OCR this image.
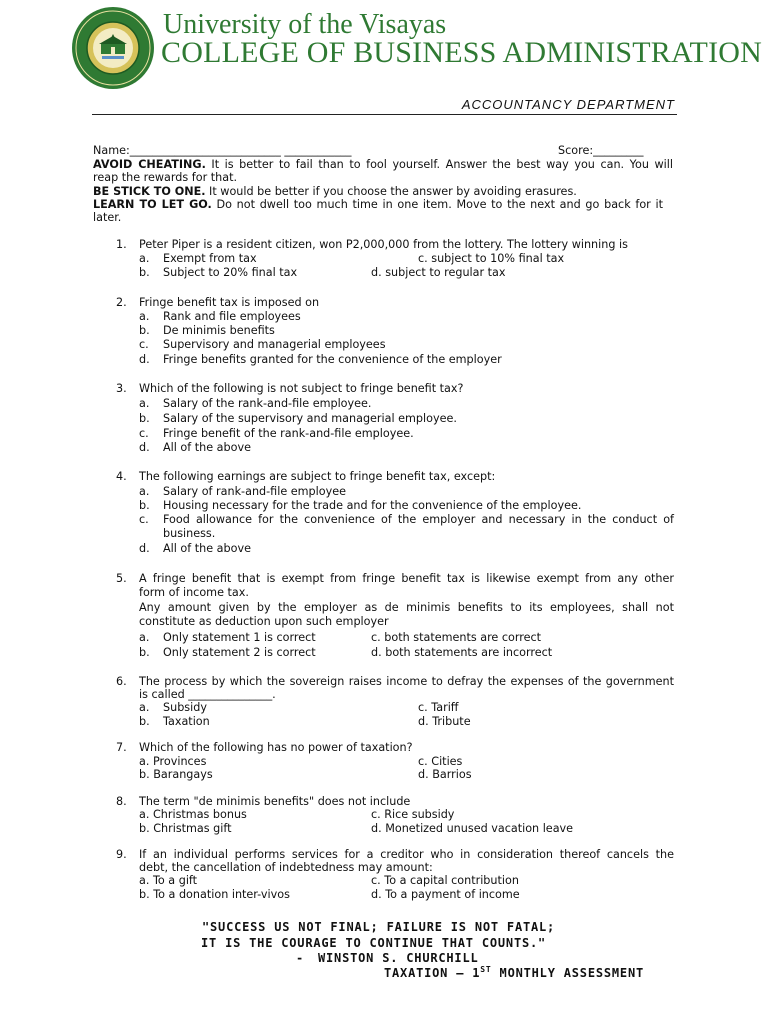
University of the Visayas
COLLEGE OF BUSINESS ADMINISTRATION
ACCOUNTANCY DEPARTMENT
Name:___________________________ ____________	Score:_________
AVOID CHEATING. It is better to fail than to fool yourself. Answer the best way you can. You will
reap the rewards for that.
BE STICK TO ONE. It would be better if you choose the answer by avoiding erasures.
LEARN TO LET GO. Do not dwell too much time in one item. Move to the next and go back for it
later.
1. Peter Piper is a resident citizen, won P2,000,000 from the lottery. The lottery winning is
a. Exempt from tax	c. subject to 10% final tax
b. Subject to 20% final tax	d. subject to regular tax
2. Fringe benefit tax is imposed on
a. Rank and file employees
b. De minimis benefits
c. Supervisory and managerial employees
d. Fringe benefits granted for the convenience of the employer
3. Which of the following is not subject to fringe benefit tax?
a. Salary of the rank-and-file employee.
b. Salary of the supervisory and managerial employee.
c. Fringe benefit of the rank-and-file employee.
d. All of the above
4. The following earnings are subject to fringe benefit tax, except:
a. Salary of rank-and-file employee
b. Housing necessary for the trade and for the convenience of the employee.
c. Food allowance for the convenience of the employer and necessary in the conduct of
business.
d. All of the above
5. A fringe benefit that is exempt from fringe benefit tax is likewise exempt from any other
form of income tax.
Any amount given by the employer as de minimis benefits to its employees, shall not
constitute as deduction upon such employer
a. Only statement 1 is correct	c. both statements are correct
b. Only statement 2 is correct	d. both statements are incorrect
6. The process by which the sovereign raises income to defray the expenses of the government
is called _______________.
a. Subsidy	c. Tariff
b. Taxation	d. Tribute
7. Which of the following has no power of taxation?
a. Provinces	c. Cities
b. Barangays	d. Barrios
8. The term "de minimis benefits" does not include
a. Christmas bonus	c. Rice subsidy
b. Christmas gift	d. Monetized unused vacation leave
9. If an individual performs services for a creditor who in consideration thereof cancels the
debt, the cancellation of indebtedness may amount:
a. To a gift	c. To a capital contribution
b. To a donation inter-vivos	d. To a payment of income
"SUCCESS US NOT FINAL; FAILURE IS NOT FATAL;
IT IS THE COURAGE TO CONTINUE THAT COUNTS."
- WINSTON S. CHURCHILL
TAXATION – 1ST MONTHLY ASSESSMENT
